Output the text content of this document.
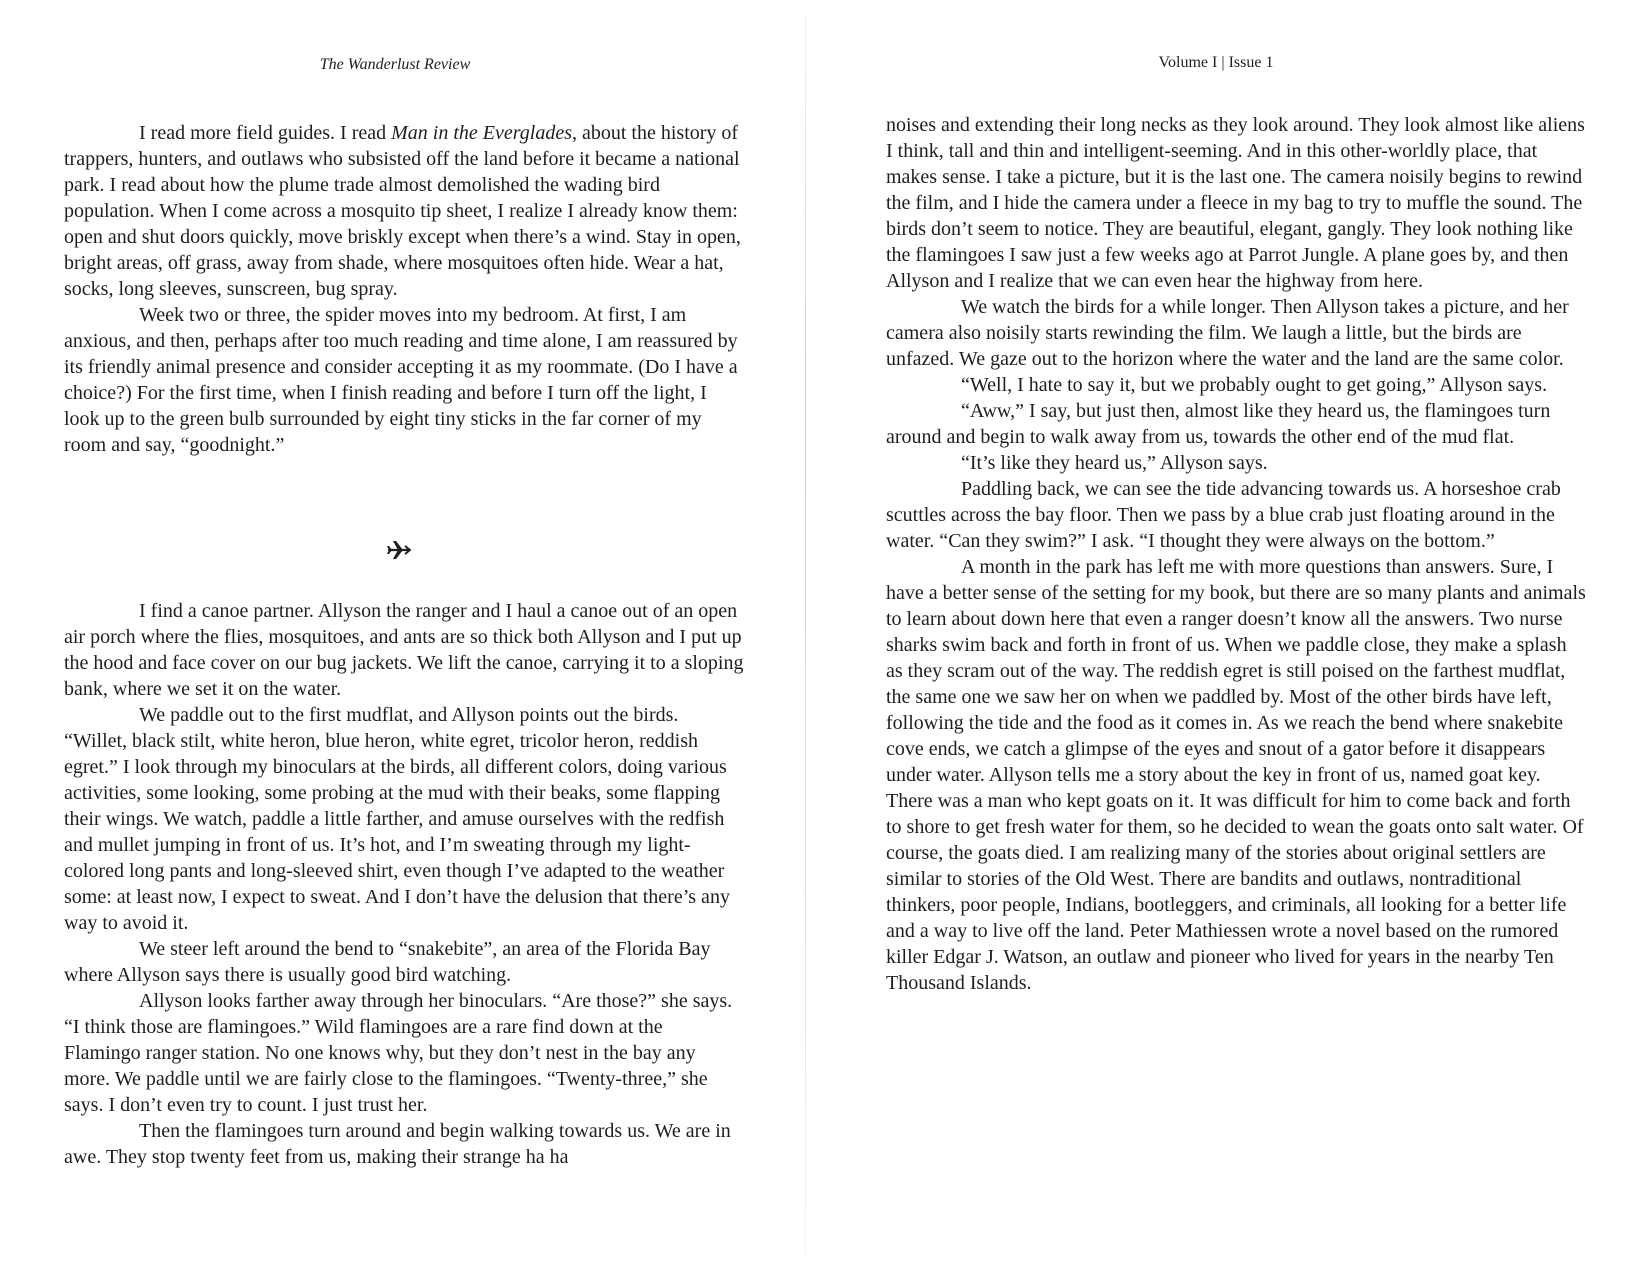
The Wanderlust Review

I read more field guides. I read Man in the Everglades, about the history of trappers, hunters, and outlaws who subsisted off the land before it became a national park. I read about how the plume trade almost demolished the wading bird population. When I come across a mosquito tip sheet, I realize I already know them: open and shut doors quickly, move briskly except when there’s a wind. Stay in open, bright areas, off grass, away from shade, where mosquitoes often hide. Wear a hat, socks, long sleeves, sunscreen, bug spray.

Week two or three, the spider moves into my bedroom. At first, I am anxious, and then, perhaps after too much reading and time alone, I am reassured by its friendly animal presence and consider accepting it as my roommate. (Do I have a choice?) For the first time, when I finish reading and before I turn off the light, I look up to the green bulb surrounded by eight tiny sticks in the far corner of my room and say, “goodnight.”

I find a canoe partner. Allyson the ranger and I haul a canoe out of an open air porch where the flies, mosquitoes, and ants are so thick both Allyson and I put up the hood and face cover on our bug jackets. We lift the canoe, carrying it to a sloping bank, where we set it on the water.

We paddle out to the first mudflat, and Allyson points out the birds. “Willet, black stilt, white heron, blue heron, white egret, tricolor heron, reddish egret.” I look through my binoculars at the birds, all different colors, doing various activities, some looking, some probing at the mud with their beaks, some flapping their wings. We watch, paddle a little farther, and amuse ourselves with the redfish and mullet jumping in front of us. It’s hot, and I’m sweating through my light-colored long pants and long-sleeved shirt, even though I’ve adapted to the weather some: at least now, I expect to sweat. And I don’t have the delusion that there’s any way to avoid it.

We steer left around the bend to “snakebite”, an area of the Florida Bay where Allyson says there is usually good bird watching.

Allyson looks farther away through her binoculars. “Are those?” she says. “I think those are flamingoes.” Wild flamingoes are a rare find down at the Flamingo ranger station. No one knows why, but they don’t nest in the bay any more. We paddle until we are fairly close to the flamingoes. “Twenty-three,” she says. I don’t even try to count. I just trust her.

Then the flamingoes turn around and begin walking towards us. We are in awe. They stop twenty feet from us, making their strange ha ha

Volume I | Issue 1

noises and extending their long necks as they look around. They look almost like aliens I think, tall and thin and intelligent-seeming. And in this other-worldly place, that makes sense. I take a picture, but it is the last one. The camera noisily begins to rewind the film, and I hide the camera under a fleece in my bag to try to muffle the sound. The birds don’t seem to notice. They are beautiful, elegant, gangly. They look nothing like the flamingoes I saw just a few weeks ago at Parrot Jungle. A plane goes by, and then Allyson and I realize that we can even hear the highway from here.

We watch the birds for a while longer. Then Allyson takes a picture, and her camera also noisily starts rewinding the film. We laugh a little, but the birds are unfazed. We gaze out to the horizon where the water and the land are the same color.

“Well, I hate to say it, but we probably ought to get going,” Allyson says.

“Aww,” I say, but just then, almost like they heard us, the flamingoes turn around and begin to walk away from us, towards the other end of the mud flat.

“It’s like they heard us,” Allyson says.

Paddling back, we can see the tide advancing towards us. A horseshoe crab scuttles across the bay floor. Then we pass by a blue crab just floating around in the water. “Can they swim?” I ask. “I thought they were always on the bottom.”

A month in the park has left me with more questions than answers. Sure, I have a better sense of the setting for my book, but there are so many plants and animals to learn about down here that even a ranger doesn’t know all the answers. Two nurse sharks swim back and forth in front of us. When we paddle close, they make a splash as they scram out of the way. The reddish egret is still poised on the farthest mudflat, the same one we saw her on when we paddled by. Most of the other birds have left, following the tide and the food as it comes in. As we reach the bend where snakebite cove ends, we catch a glimpse of the eyes and snout of a gator before it disappears under water. Allyson tells me a story about the key in front of us, named goat key. There was a man who kept goats on it. It was difficult for him to come back and forth to shore to get fresh water for them, so he decided to wean the goats onto salt water. Of course, the goats died. I am realizing many of the stories about original settlers are similar to stories of the Old West. There are bandits and outlaws, nontraditional thinkers, poor people, Indians, bootleggers, and criminals, all looking for a better life and a way to live off the land. Peter Mathiessen wrote a novel based on the rumored killer Edgar J. Watson, an outlaw and pioneer who lived for years in the nearby Ten Thousand Islands.
